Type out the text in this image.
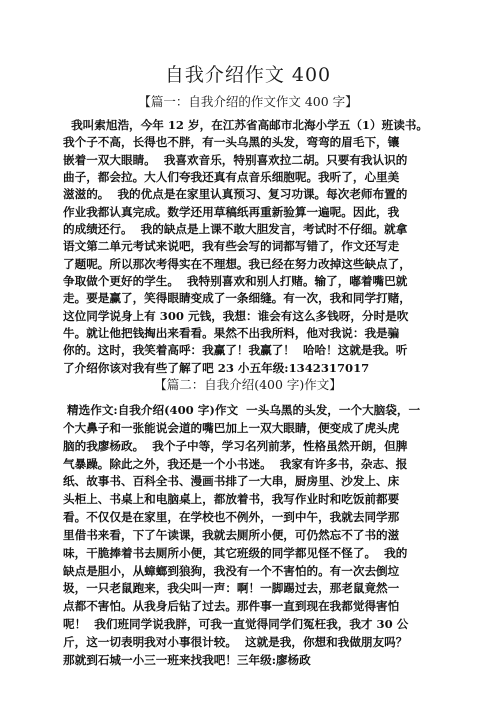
自我介绍作文 400
【篇一：自我介绍的作文作文 400 字】
我叫索旭浩，今年 12 岁，在江苏省高邮市北海小学五（1）班读书。
我个子不高，长得也不胖，有一头乌黑的头发，弯弯的眉毛下，镶
嵌着一双大眼睛。  我喜欢音乐，特别喜欢拉二胡。只要有我认识的
曲子，都会拉。大人们夸我还真有点音乐细胞呢。我听了，心里美
滋滋的。  我的优点是在家里认真预习、复习功课。每次老师布置的
作业我都认真完成。数学还用草稿纸再重新验算一遍呢。因此，我
的成绩还行。  我的缺点是上课不敢大胆发言，考试时不仔细。就拿
语文第二单元考试来说吧，我有些会写的词都写错了，作文还写走
了题呢。所以那次考得实在不理想。我已经在努力改掉这些缺点了，
争取做个更好的学生。  我特别喜欢和别人打赌。输了，嘟着嘴巴就
走。要是赢了，笑得眼睛变成了一条细缝。有一次，我和同学打赌，
这位同学说身上有 300 元钱，我想：谁会有这么多钱呀，分时是吹
牛。就让他把钱掏出来看看。果然不出我所料，他对我说：我是骗
你的。这时，我笑着高呼：我赢了！我赢了！  哈哈！这就是我。听
了介绍你该对我有些了解了吧 23 小五年级:1342317017
【篇二：自我介绍(400 字)作文】
精选作文:自我介绍(400 字)作文  一头乌黑的头发，一个大脑袋，一
个大鼻子和一张能说会道的嘴巴加上一双大眼睛，便变成了虎头虎
脑的我廖杨政。  我个子中等，学习名列前茅，性格虽然开朗，但脾
气暴躁。除此之外，我还是一个小书迷。  我家有许多书，杂志、报
纸、故事书、百科全书、漫画书排了一大串，厨房里、沙发上、床
头柜上、书桌上和电脑桌上，都放着书，我写作业时和吃饭前都要
看。不仅仅是在家里，在学校也不例外，一到中午，我就去同学那
里借书来看，下了午读课，我就去厕所小便，可仍然忘不了书的滋
味，干脆捧着书去厕所小便，其它班级的同学都见怪不怪了。  我的
缺点是胆小，从蟑螂到狼狗，我没有一个不害怕的。有一次去倒垃
圾，一只老鼠跑来，我尖叫一声：啊！一脚踢过去，那老鼠竟然一
点都不害怕。从我身后钻了过去。那件事一直到现在我都觉得害怕
呢！  我们班同学说我胖，可我一直觉得同学们冤枉我，我才 30 公
斤，这一切表明我对小事很计较。  这就是我，你想和我做朋友吗？
那就到石城一小三一班来找我吧！三年级:廖杨政
